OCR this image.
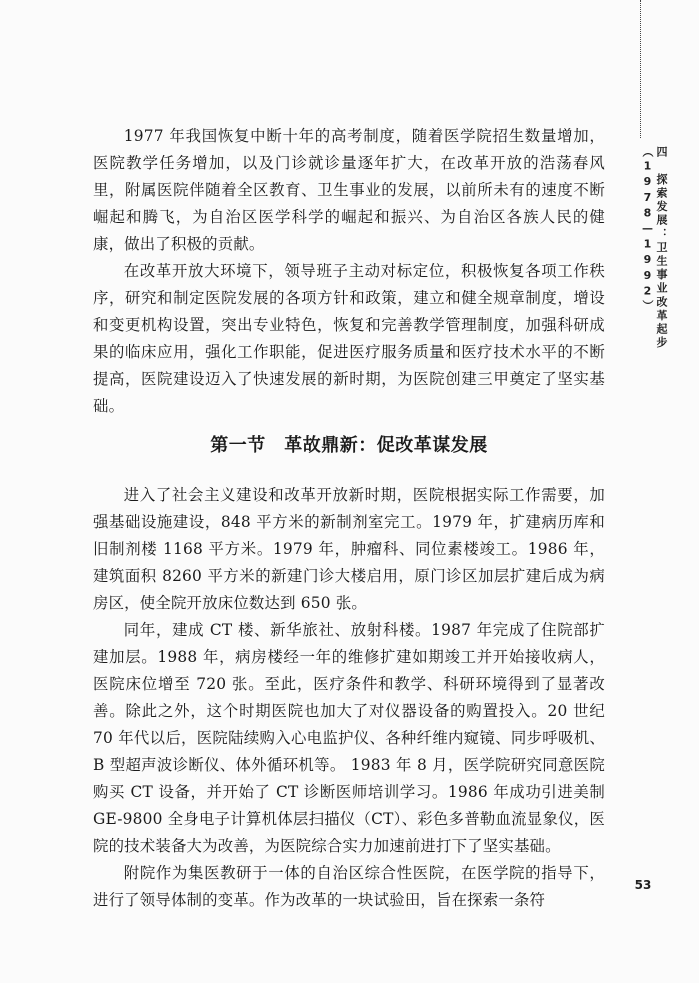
四　探索发展：卫生事业改革起步（1978—1992）

1977 年我国恢复中断十年的高考制度，随着医学院招生数量增加，医院教学任务增加，以及门诊就诊量逐年扩大，在改革开放的浩荡春风里，附属医院伴随着全区教育、卫生事业的发展，以前所未有的速度不断崛起和腾飞，为自治区医学科学的崛起和振兴、为自治区各族人民的健康，做出了积极的贡献。

在改革开放大环境下，领导班子主动对标定位，积极恢复各项工作秩序，研究和制定医院发展的各项方针和政策，建立和健全规章制度，增设和变更机构设置，突出专业特色，恢复和完善教学管理制度，加强科研成果的临床应用，强化工作职能，促进医疗服务质量和医疗技术水平的不断提高，医院建设迈入了快速发展的新时期，为医院创建三甲奠定了坚实基础。

第一节　革故鼎新：促改革谋发展

进入了社会主义建设和改革开放新时期，医院根据实际工作需要，加强基础设施建设，848 平方米的新制剂室完工。1979 年，扩建病历库和旧制剂楼 1168 平方米。1979 年，肿瘤科、同位素楼竣工。1986 年，建筑面积 8260 平方米的新建门诊大楼启用，原门诊区加层扩建后成为病房区，使全院开放床位数达到 650 张。

同年，建成 CT 楼、新华旅社、放射科楼。1987 年完成了住院部扩建加层。1988 年，病房楼经一年的维修扩建如期竣工并开始接收病人，医院床位增至 720 张。至此，医疗条件和教学、科研环境得到了显著改善。除此之外，这个时期医院也加大了对仪器设备的购置投入。20 世纪 70 年代以后，医院陆续购入心电监护仪、各种纤维内窥镜、同步呼吸机、B 型超声波诊断仪、体外循环机等。 1983 年 8 月，医学院研究同意医院购买 CT 设备，并开始了 CT 诊断医师培训学习。1986 年成功引进美制 GE-9800 全身电子计算机体层扫描仪（CT）、彩色多普勒血流显象仪，医院的技术装备大为改善，为医院综合实力加速前进打下了坚实基础。

附院作为集医教研于一体的自治区综合性医院，在医学院的指导下，进行了领导体制的变革。作为改革的一块试验田，旨在探索一条符

53
